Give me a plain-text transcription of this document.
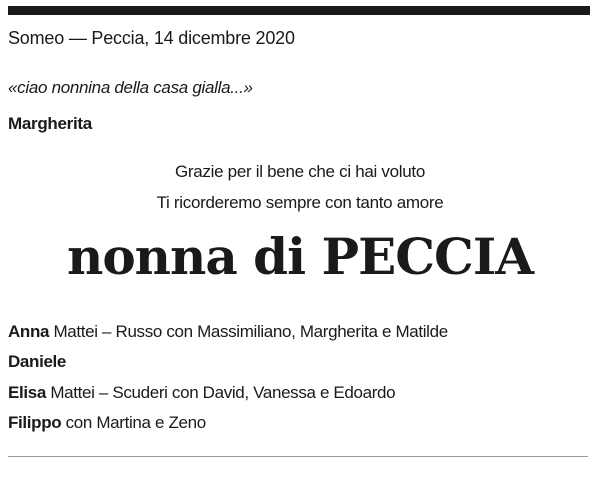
Someo — Peccia, 14 dicembre 2020
«ciao nonnina della casa gialla...»
Margherita
Grazie per il bene che ci hai voluto
Ti ricorderemo sempre con tanto amore
nonna di PECCIA
Anna Mattei – Russo con Massimiliano, Margherita e Matilde
Daniele
Elisa Mattei – Scuderi con David, Vanessa e Edoardo
Filippo con Martina e Zeno
